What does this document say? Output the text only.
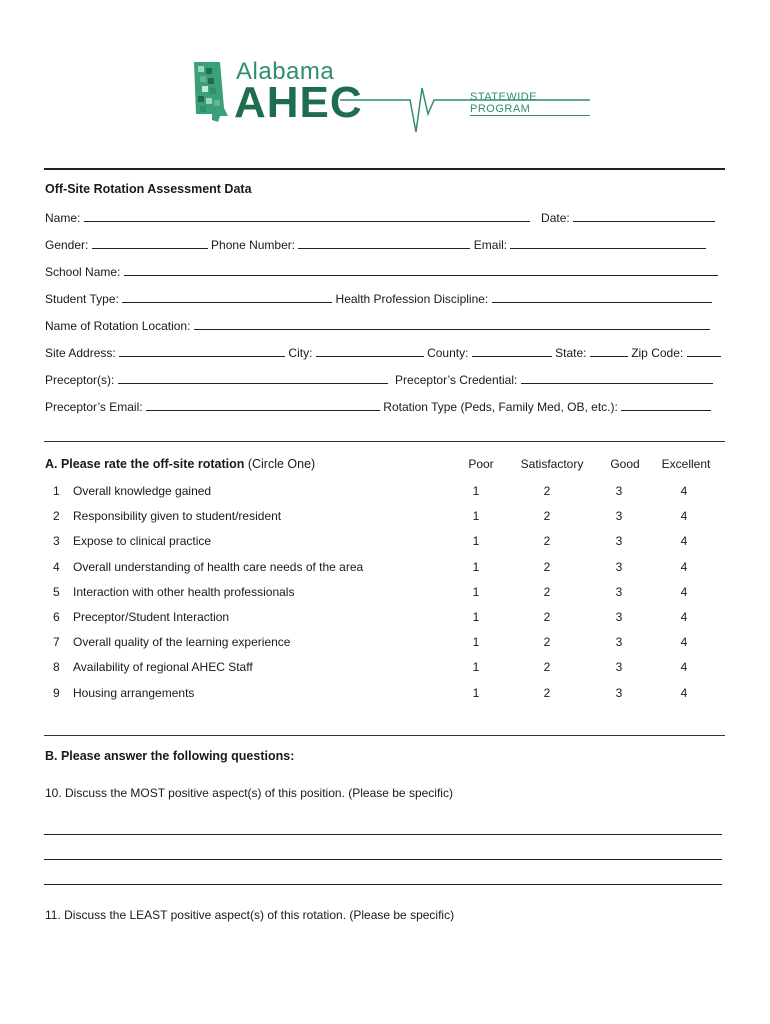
Alabama
AHEC	STATEWIDE PROGRAM
Off-Site Rotation Assessment Data
Name:	Date:
Gender:	Phone Number:	Email:
School Name:
Student Type:	Health Profession Discipline:
Name of Rotation Location:
Site Address:	City:	County:	State:	Zip Code:
Preceptor(s):	Preceptor’s Credential:
Preceptor’s Email:	Rotation Type (Peds, Family Med, OB, etc.):
A. Please rate the off-site rotation (Circle One)	Poor	Satisfactory	Good	Excellent
1 Overall knowledge gained	1	2	3	4
2 Responsibility given to student/resident	1	2	3	4
3 Expose to clinical practice	1	2	3	4
4 Overall understanding of health care needs of the area	1	2	3	4
5 Interaction with other health professionals	1	2	3	4
6 Preceptor/Student Interaction	1	2	3	4
7 Overall quality of the learning experience	1	2	3	4
8 Availability of regional AHEC Staff	1	2	3	4
9 Housing arrangements	1	2	3	4
B. Please answer the following questions:
10. Discuss the MOST positive aspect(s) of this position. (Please be specific)
11. Discuss the LEAST positive aspect(s) of this rotation. (Please be specific)
